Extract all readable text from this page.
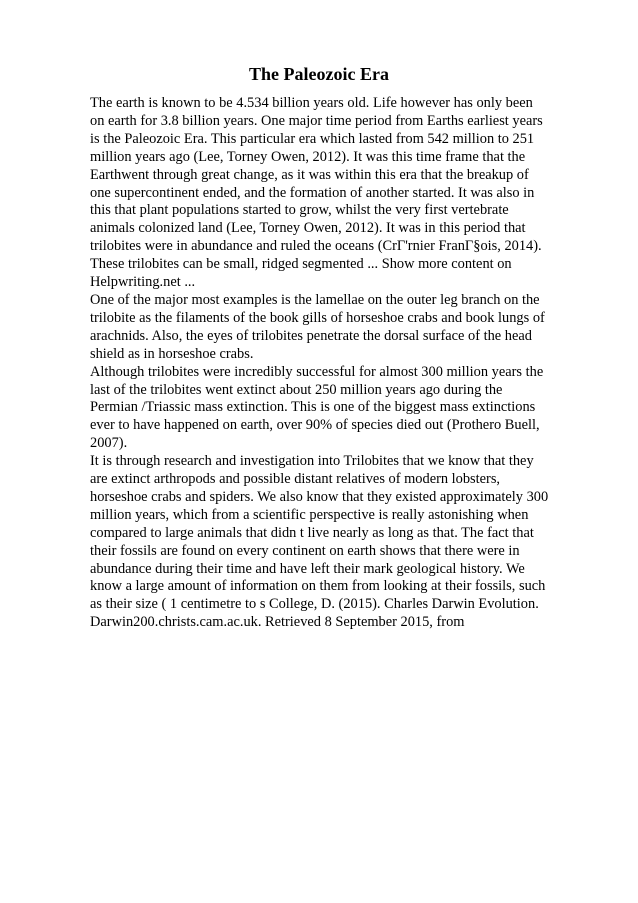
The Paleozoic Era

The earth is known to be 4.534 billion years old. Life however has only been on earth for 3.8 billion years. One major time period from Earths earliest years is the Paleozoic Era. This particular era which lasted from 542 million to 251 million years ago (Lee, Torney Owen, 2012). It was this time frame that the Earthwent through great change, as it was within this era that the breakup of one supercontinent ended, and the formation of another started. It was also in this that plant populations started to grow, whilst the very first vertebrate animals colonized land (Lee, Torney Owen, 2012). It was in this period that trilobites were in abundance and ruled the oceans (CrГ'rnier FranГ§ois, 2014).

These trilobites can be small, ridged segmented ... Show more content on Helpwriting.net ...

One of the major most examples is the lamellae on the outer leg branch on the trilobite as the filaments of the book gills of horseshoe crabs and book lungs of arachnids. Also, the eyes of trilobites penetrate the dorsal surface of the head shield as in horseshoe crabs.

Although trilobites were incredibly successful for almost 300 million years the last of the trilobites went extinct about 250 million years ago during the Permian /Triassic mass extinction. This is one of the biggest mass extinctions ever to have happened on earth, over 90% of species died out (Prothero Buell, 2007).

It is through research and investigation into Trilobites that we know that they are extinct arthropods and possible distant relatives of modern lobsters, horseshoe crabs and spiders. We also know that they existed approximately 300 million years, which from a scientific perspective is really astonishing when compared to large animals that didn t live nearly as long as that. The fact that their fossils are found on every continent on earth shows that there were in abundance during their time and have left their mark geological history. We know a large amount of information on them from looking at their fossils, such as their size ( 1 centimetre to s College, D. (2015). Charles Darwin Evolution. Darwin200.christs.cam.ac.uk. Retrieved 8 September 2015, from
